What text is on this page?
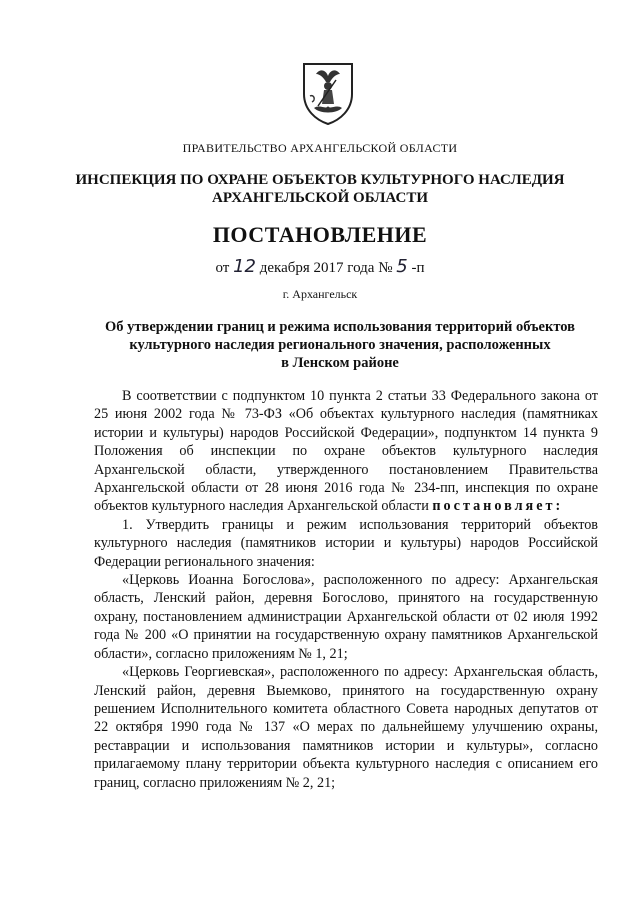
ПРАВИТЕЛЬСТВО АРХАНГЕЛЬСКОЙ ОБЛАСТИ
ИНСПЕКЦИЯ ПО ОХРАНЕ ОБЪЕКТОВ КУЛЬТУРНОГО НАСЛЕДИЯ
АРХАНГЕЛЬСКОЙ ОБЛАСТИ
ПОСТАНОВЛЕНИЕ
от 12 декабря 2017 года № 5 -п
г. Архангельск
Об утверждении границ и режима использования территорий объектов
культурного наследия регионального значения, расположенных
в Ленском районе

В соответствии с подпунктом 10 пункта 2 статьи 33 Федерального закона от 25 июня 2002 года № 73-ФЗ «Об объектах культурного наследия (памятниках истории и культуры) народов Российской Федерации», подпунктом 14 пункта 9 Положения об инспекции по охране объектов культурного наследия Архангельской области, утвержденного постановлением Правительства Архангельской области от 28 июня 2016 года № 234-пп, инспекция по охране объектов культурного наследия Архангельской области постановляет:

1. Утвердить границы и режим использования территорий объектов культурного наследия (памятников истории и культуры) народов Российской Федерации регионального значения:

«Церковь Иоанна Богослова», расположенного по адресу: Архангельская область, Ленский район, деревня Богослово, принятого на государственную охрану, постановлением администрации Архангельской области от 02 июля 1992 года № 200 «О принятии на государственную охрану памятников Архангельской области», согласно приложениям № 1, 21;

«Церковь Георгиевская», расположенного по адресу: Архангельская область, Ленский район, деревня Выемково, принятого на государственную охрану решением Исполнительного комитета областного Совета народных депутатов от 22 октября 1990 года № 137 «О мерах по дальнейшему улучшению охраны, реставрации и использования памятников истории и культуры», согласно прилагаемому плану территории объекта культурного наследия с описанием его границ, согласно приложениям № 2, 21;
